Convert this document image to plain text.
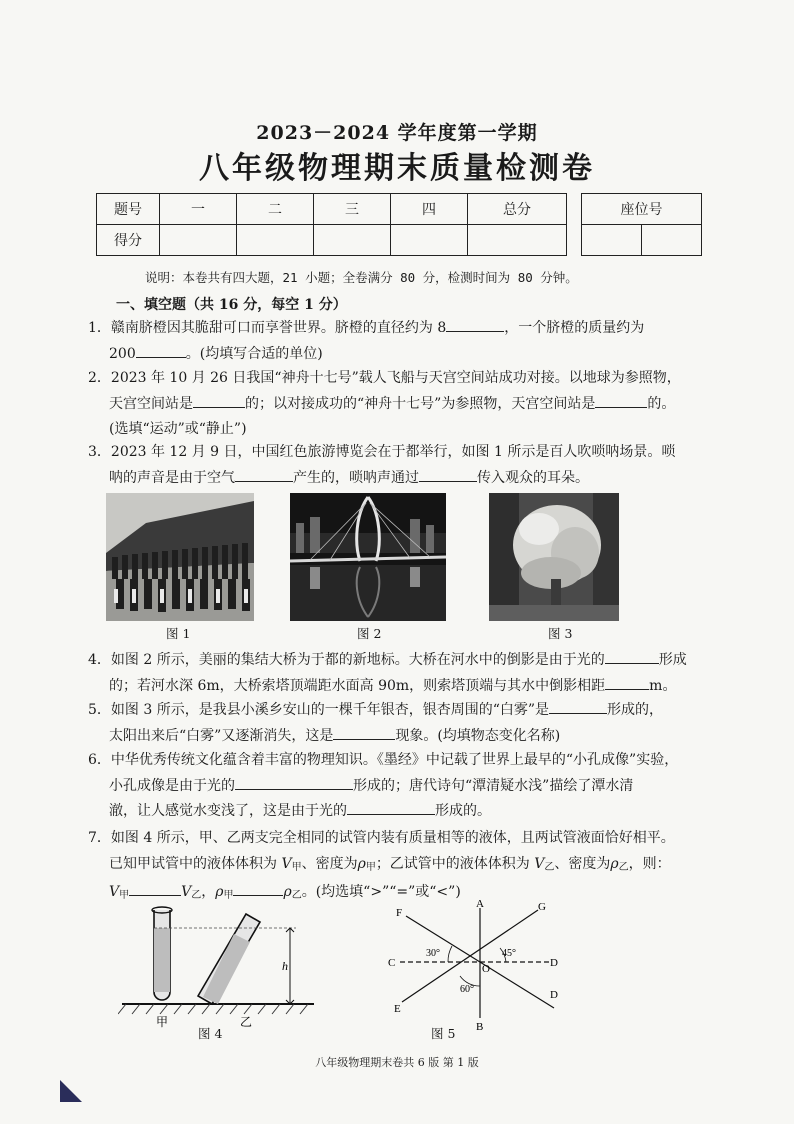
2023－2024 学年度第一学期
八年级物理期末质量检测卷
题号	一	二	三	四	总分		座位号	
得分								
说明：本卷共有四大题，21 小题；全卷满分 80 分，检测时间为 80 分钟。
一、填空题（共 16 分，每空 1 分）
1．赣南脐橙因其脆甜可口而享誉世界。脐橙的直径约为 8	，一个脐橙的质量约为
200	。(均填写合适的单位)
2．2023 年 10 月 26 日我国“神舟十七号”载人飞船与天宫空间站成功对接。以地球为参照物，
天宫空间站是	的；以对接成功的“神舟十七号”为参照物，天宫空间站是	的。
(选填“运动”或“静止”)
3．2023 年 12 月 9 日，中国红色旅游博览会在于都举行，如图 1 所示是百人吹唢呐场景。唢
呐的声音是由于空气	产生的，唢呐声通过	传入观众的耳朵。
图 1	图 2	图 3
4．如图 2 所示，美丽的集结大桥为于都的新地标。大桥在河水中的倒影是由于光的	形成
的；若河水深 6m，大桥索塔顶端距水面高 90m，则索塔顶端与其水中倒影相距	m。
5．如图 3 所示，是我县小溪乡安山的一棵千年银杏，银杏周围的“白雾”是	形成的，
太阳出来后“白雾”又逐渐消失，这是	现象。(均填物态变化名称)
6．中华优秀传统文化蕴含着丰富的物理知识。《墨经》中记载了世界上最早的“小孔成像”实验，
小孔成像是由于光的	形成的；唐代诗句“潭清疑水浅”描绘了潭水清
澈，让人感觉水变浅了，这是由于光的	形成的。
7．如图 4 所示，甲、乙两支完全相同的试管内装有质量相等的液体，且两试管液面恰好相平。
已知甲试管中的液体体积为 $V_甲$、密度为$\rho_甲$；乙试管中的液体体积为 $V_乙$、密度为$\rho_乙$，则：
$V_甲$	$V_乙$，$\rho_甲$	$\rho_乙$。(均选填“>”“=”或“<”)
h
甲	乙
图 4
A
B
C	D
E
F	G
O
D
30°	45°
60°
图 5
八年级物理期末卷共 6 版 第 1 版
